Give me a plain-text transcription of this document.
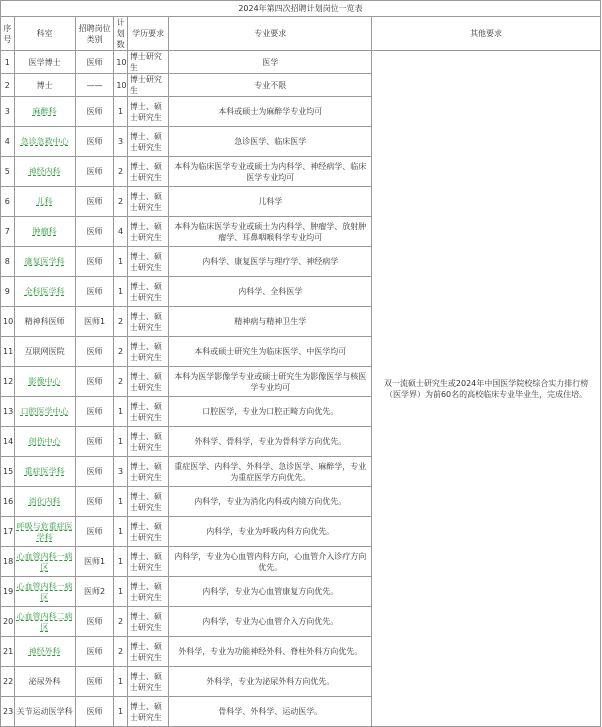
2024年第四次招聘计划岗位一览表						
序号	科室	招聘岗位类别	计划数	学历要求	专业要求	其他要求
1	医学博士	医师	10	博士研究生	医学	双一流硕士研究生或2024年中国医学院校综合实力排行榜（医学界）为前60名的高校临床专业毕业生，完成住培。
2	博士	——	10	博士研究生	专业不限	
3	麻醉科	医师	1	博士、硕士研究生	本科或硕士为麻醉学专业均可	
4	急诊急救中心	医师	3	博士、硕士研究生	急诊医学、临床医学	
5	神经内科	医师	2	博士、硕士研究生	本科为临床医学专业或硕士为内科学、神经病学、临床医学专业均可	
6	儿科	医师	2	博士、硕士研究生	儿科学	
7	肿瘤科	医师	4	博士、硕士研究生	本科为临床医学专业或硕士为内科学、肿瘤学、放射肿瘤学、耳鼻咽喉科学专业均可	
8	康复医学科	医师	1	博士、硕士研究生	内科学、康复医学与理疗学、神经病学	
9	全科医学科	医师	1	博士、硕士研究生	内科学、全科医学	
10	精神科医师	医师1	2	博士、硕士研究生	精神病与精神卫生学	
11	互联网医院	医师	2	博士、硕士研究生	本科或硕士研究生为临床医学、中医学均可	
12	影像中心	医师	2	博士、硕士研究生	本科为医学影像学专业或硕士研究生为影像医学与核医学专业均可	
13	口腔医学中心	医师	1	博士、硕士研究生	口腔医学，专业为口腔正畸方向优先。	
14	创伤中心	医师	1	博士、硕士研究生	外科学、骨科学，专业为骨科学方向优先。	
15	重症医学科	医师	3	博士、硕士研究生	重症医学、内科学、外科学、急诊医学、麻醉学，专业为重症医学方向优先。	
16	消化内科	医师	1	博士、硕士研究生	内科学，专业为消化内科或内镜方向优先。	
17	呼吸与危重症医学科	医师	1	博士、硕士研究生	内科学，专业为呼吸内科方向优先。	
18	心血管内科一病区	医师1	1	博士、硕士研究生	内科学，专业为心血管内科方向，心血管介入诊疗方向优先。	
19	心血管内科一病区	医师2	1	博士、硕士研究生	内科学，专业为心血管康复方向优先。	
20	心血管内科二病区	医师	2	博士、硕士研究生	内科学，专业为心血管介入方向优先。	
21	神经外科	医师	2	博士、硕士研究生	外科学，专业为功能神经外科、脊柱外科方向优先。	
22	泌尿外科	医师	1	博士、硕士研究生	外科学，专业为泌尿外科方向优先。	
23	关节运动医学科	医师	1	博士、硕士研究生	骨科学、外科学、运动医学。	
